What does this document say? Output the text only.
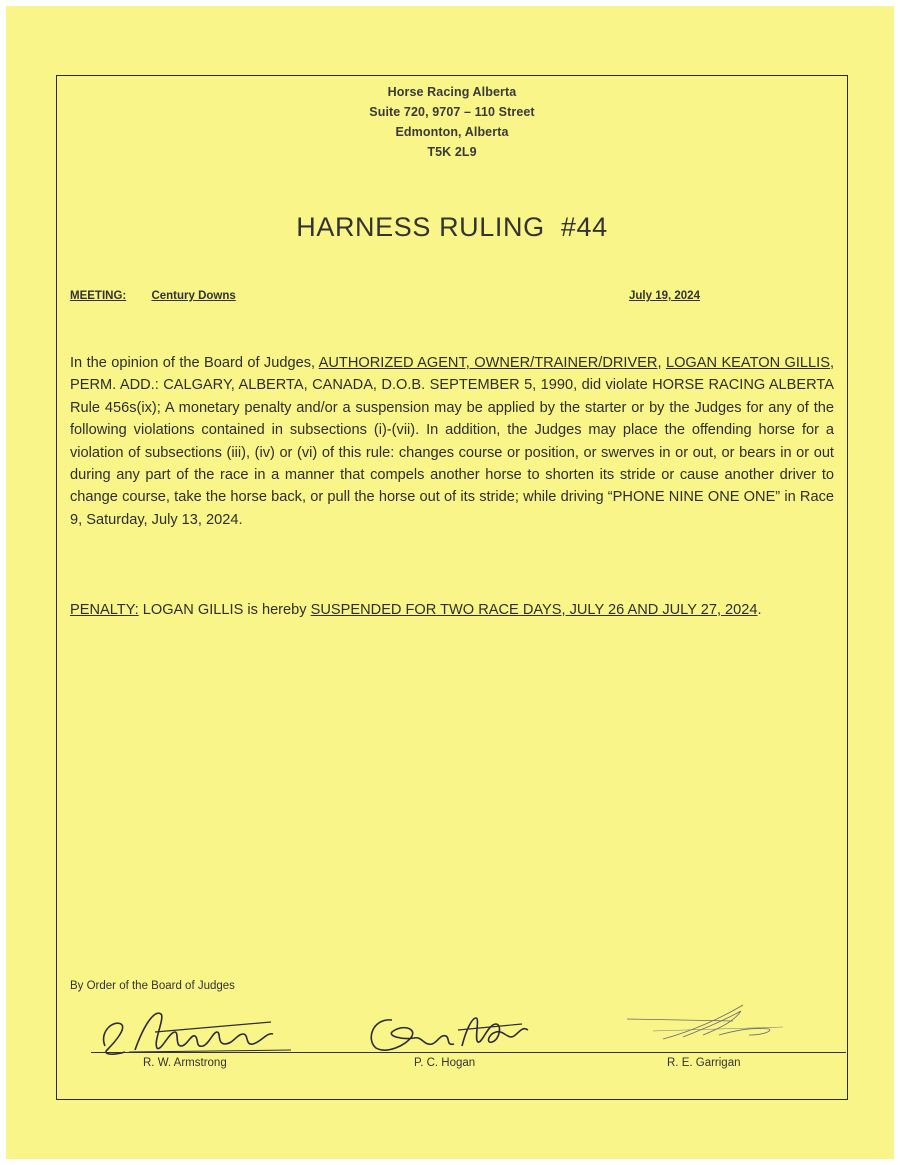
Horse Racing Alberta
Suite 720, 9707 – 110 Street
Edmonton, Alberta
T5K 2L9
HARNESS RULING  #44
MEETING: Century Downs	July 19, 2024
In the opinion of the Board of Judges, AUTHORIZED AGENT, OWNER/TRAINER/DRIVER, LOGAN KEATON GILLIS, PERM. ADD.: CALGARY, ALBERTA, CANADA, D.O.B. SEPTEMBER 5, 1990, did violate HORSE RACING ALBERTA Rule 456s(ix); A monetary penalty and/or a suspension may be applied by the starter or by the Judges for any of the following violations contained in subsections (i)-(vii). In addition, the Judges may place the offending horse for a violation of subsections (iii), (iv) or (vi) of this rule: changes course or position, or swerves in or out, or bears in or out during any part of the race in a manner that compels another horse to shorten its stride or cause another driver to change course, take the horse back, or pull the horse out of its stride; while driving “PHONE NINE ONE ONE” in Race 9, Saturday, July 13, 2024.
PENALTY: LOGAN GILLIS is hereby SUSPENDED FOR TWO RACE DAYS, JULY 26 AND JULY 27, 2024.
By Order of the Board of Judges
R. W. Armstrong	P. C. Hogan	R. E. Garrigan
